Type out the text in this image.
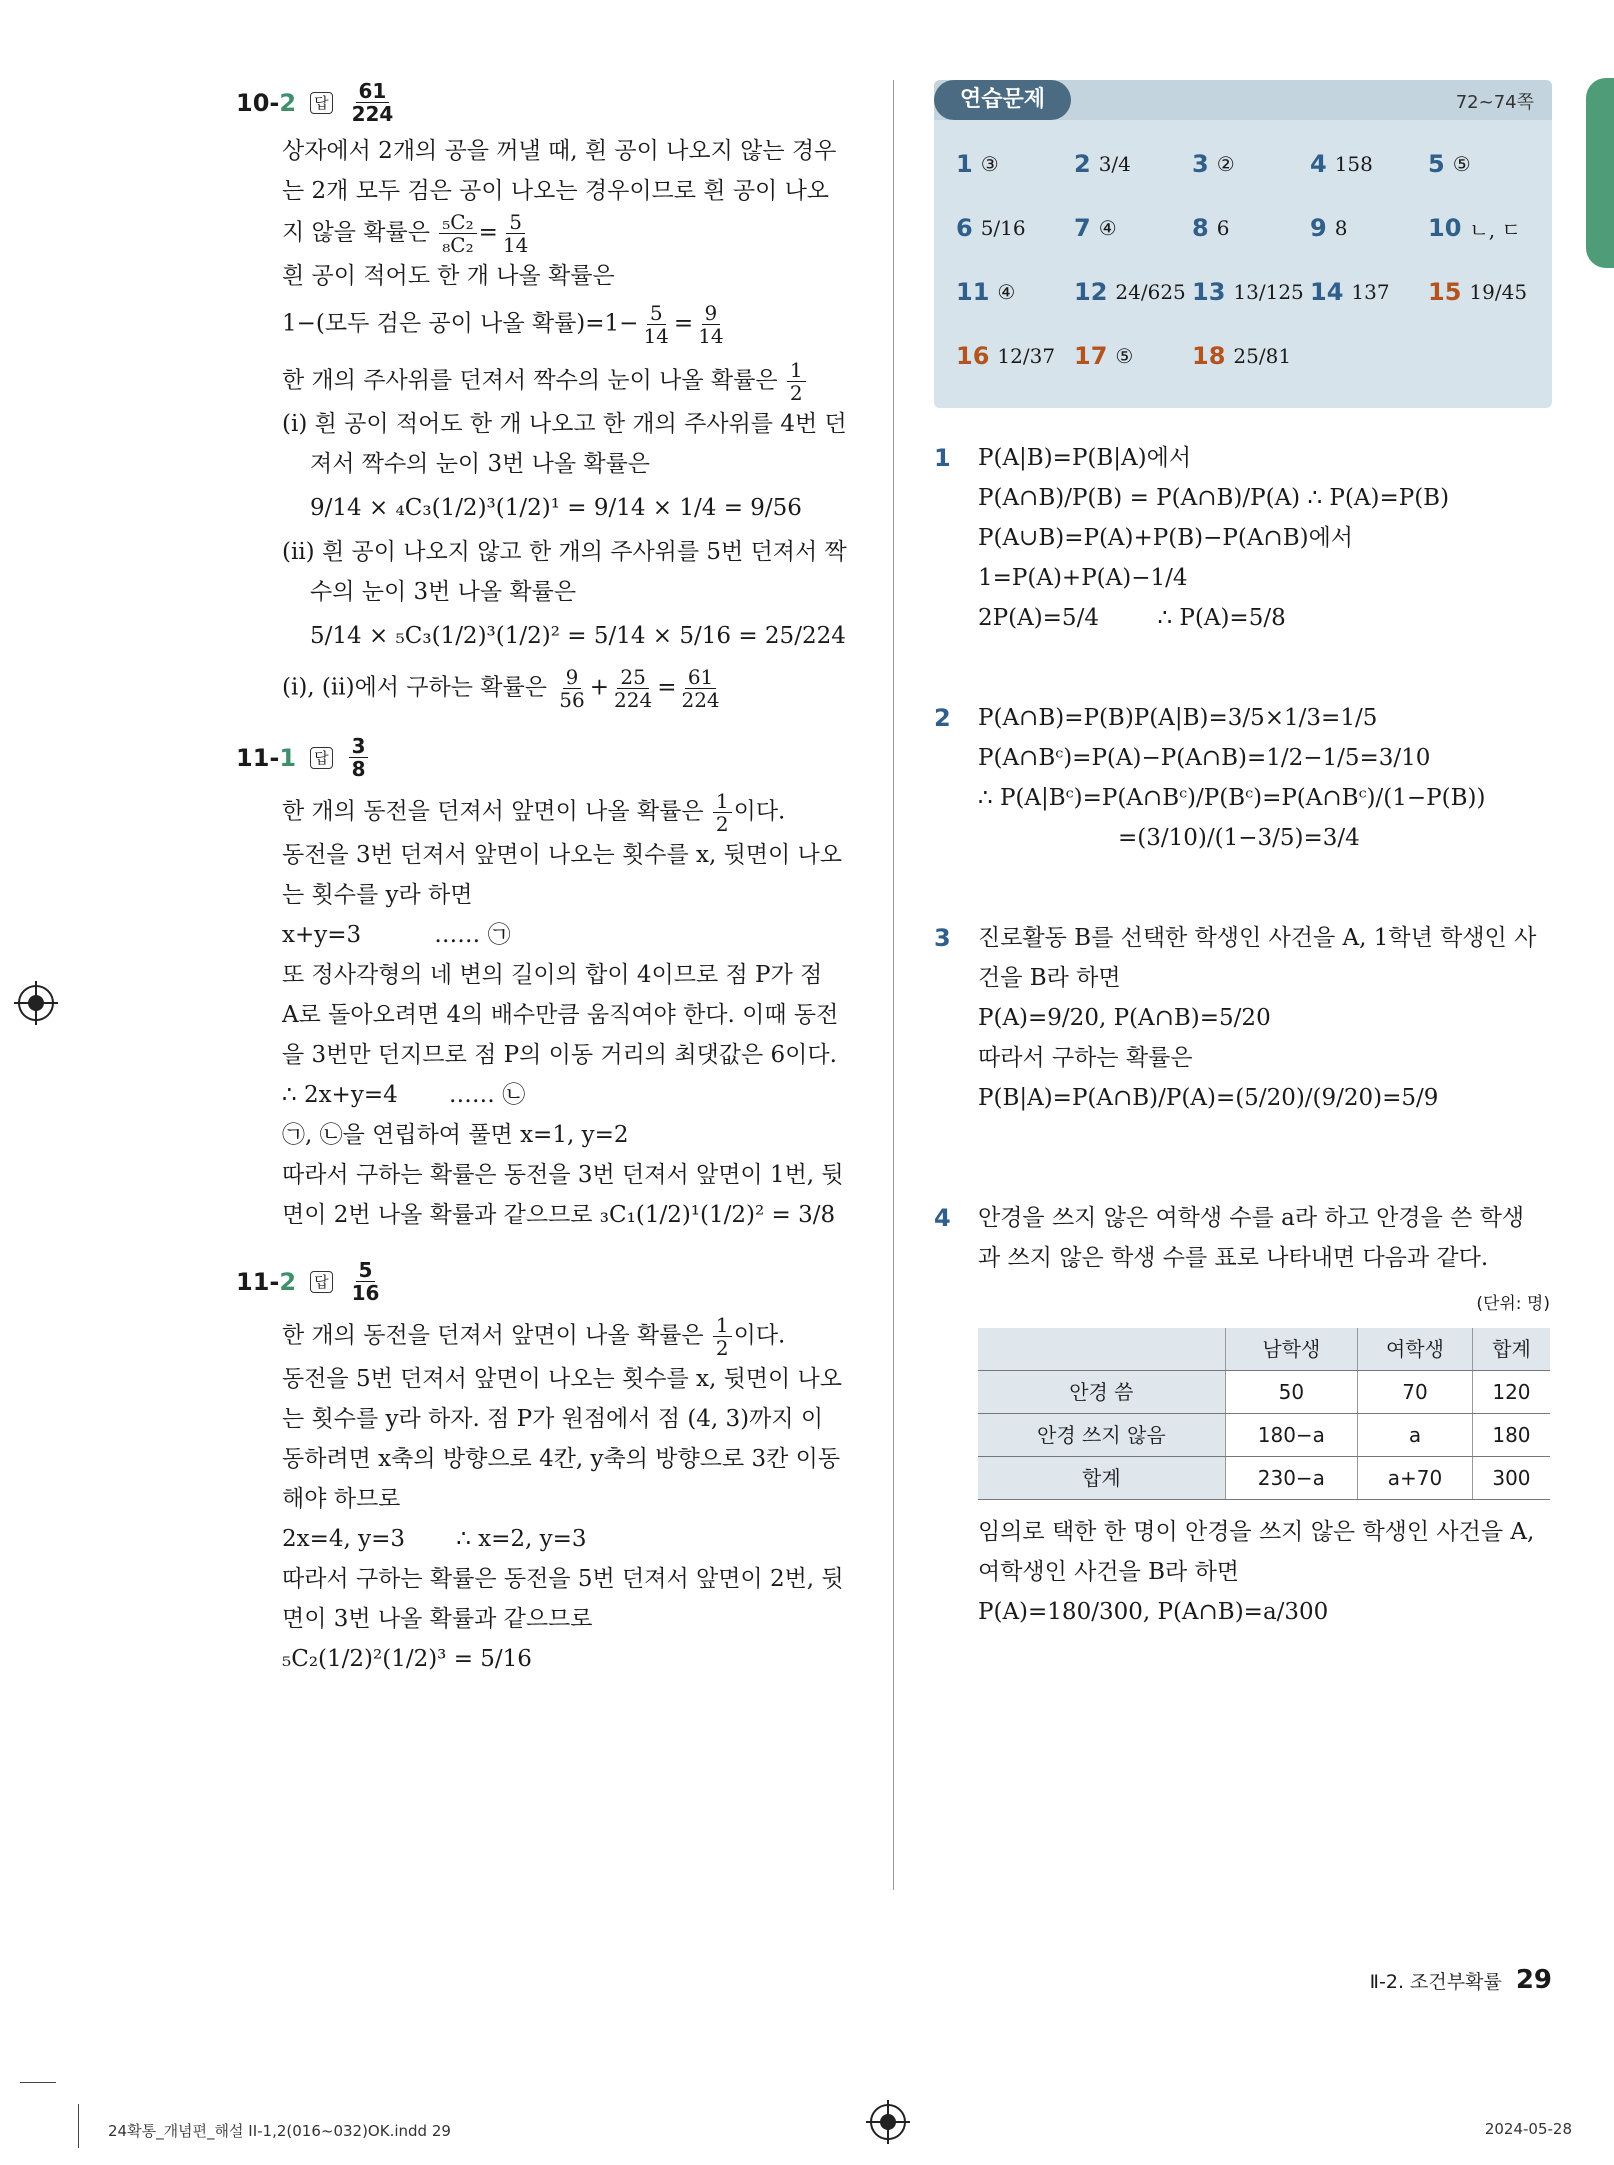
10-2 답 $\frac{61}{224}$

상자에서 2개의 공을 꺼낼 때, 흰 공이 나오지 않는 경우

는 2개 모두 검은 공이 나오는 경우이므로 흰 공이 나오

지 않을 확률은 $\frac{\text{₅C₂}}{\text{₈C₂}} = \frac{5}{14}$

흰 공이 적어도 한 개 나올 확률은

1−(모두 검은 공이 나올 확률)$=1- \frac{5}{14} = \frac{9}{14}$

한 개의 주사위를 던져서 짝수의 눈이 나올 확률은 $\frac{1}{2}$

(ⅰ) 흰 공이 적어도 한 개 나오고 한 개의 주사위를 4번 던

져서 짝수의 눈이 3번 나올 확률은

9/14 × ₄C₃(1/2)³(1/2)¹ = 9/14 × 1/4 = 9/56

(ⅱ) 흰 공이 나오지 않고 한 개의 주사위를 5번 던져서 짝

수의 눈이 3번 나올 확률은

5/14 × ₅C₃(1/2)³(1/2)² = 5/14 × 5/16 = 25/224

(ⅰ), (ⅱ)에서 구하는 확률은 $\frac{9}{56} + \frac{25}{224} = \frac{61}{224}$

11-1 답 $\frac{3}{8}$

한 개의 동전을 던져서 앞면이 나올 확률은 $\frac{1}{2}$ 이다.

동전을 3번 던져서 앞면이 나오는 횟수를 x, 뒷면이 나오

는 횟수를 y라 하면

x+y=3          …… ㉠

또 정사각형의 네 변의 길이의 합이 4이므로 점 P가 점

A로 돌아오려면 4의 배수만큼 움직여야 한다. 이때 동전

을 3번만 던지므로 점 P의 이동 거리의 최댓값은 6이다.

∴ 2x+y=4       …… ㉡

㉠, ㉡을 연립하여 풀면 x=1, y=2

따라서 구하는 확률은 동전을 3번 던져서 앞면이 1번, 뒷

면이 2번 나올 확률과 같으므로 ₃C₁(1/2)¹(1/2)² = 3/8

11-2 답 $\frac{5}{16}$

한 개의 동전을 던져서 앞면이 나올 확률은 $\frac{1}{2}$ 이다.

동전을 5번 던져서 앞면이 나오는 횟수를 x, 뒷면이 나오

는 횟수를 y라 하자. 점 P가 원점에서 점 (4, 3)까지 이

동하려면 x축의 방향으로 4칸, y축의 방향으로 3칸 이동

해야 하므로

2x=4, y=3       ∴ x=2, y=3

따라서 구하는 확률은 동전을 5번 던져서 앞면이 2번, 뒷

면이 3번 나올 확률과 같으므로

₅C₂(1/2)²(1/2)³ = 5/16

연습문제	72~74쪽
1 ③	2 3/4	3 ②	4 158 5 ⑤
6 5/16 7 ④	8 6	9 8	10 ㄴ, ㄷ
11 ④ 12 24/625 13 13/125 14 137 15 19/45
16 12/37 17 ⑤ 18 25/81
1	P(A|B)=P(B|A)에서

P(A∩B)/P(B) = P(A∩B)/P(A) ∴ P(A)=P(B)

P(A∪B)=P(A)+P(B)−P(A∩B)에서

1=P(A)+P(A)−1/4

2P(A)=5/4        ∴ P(A)=5/8

2	P(A∩B)=P(B)P(A|B)=3/5×1/3=1/5

P(A∩Bᶜ)=P(A)−P(A∩B)=1/2−1/5=3/10

∴ P(A|Bᶜ)=P(A∩Bᶜ)/P(Bᶜ)=P(A∩Bᶜ)/(1−P(B))

=(3/10)/(1−3/5)=3/4

3	진로활동 B를 선택한 학생인 사건을 A, 1학년 학생인 사

건을 B라 하면

P(A)=9/20, P(A∩B)=5/20

따라서 구하는 확률은

P(B|A)=P(A∩B)/P(A)=(5/20)/(9/20)=5/9

4	안경을 쓰지 않은 여학생 수를 a라 하고 안경을 쓴 학생

과 쓰지 않은 학생 수를 표로 나타내면 다음과 같다.

(단위: 명)
	남학생	여학생	합계
안경 씀	50	70	120
안경 쓰지 않음	180−a	a	180
합계	230−a	a+70	300

임의로 택한 한 명이 안경을 쓰지 않은 학생인 사건을 A,

여학생인 사건을 B라 하면

P(A)=180/300, P(A∩B)=a/300

Ⅱ-2. 조건부확률 29
24확통_개념편_해설 II-1,2(016~032)OK.indd 29	2024-05-28
